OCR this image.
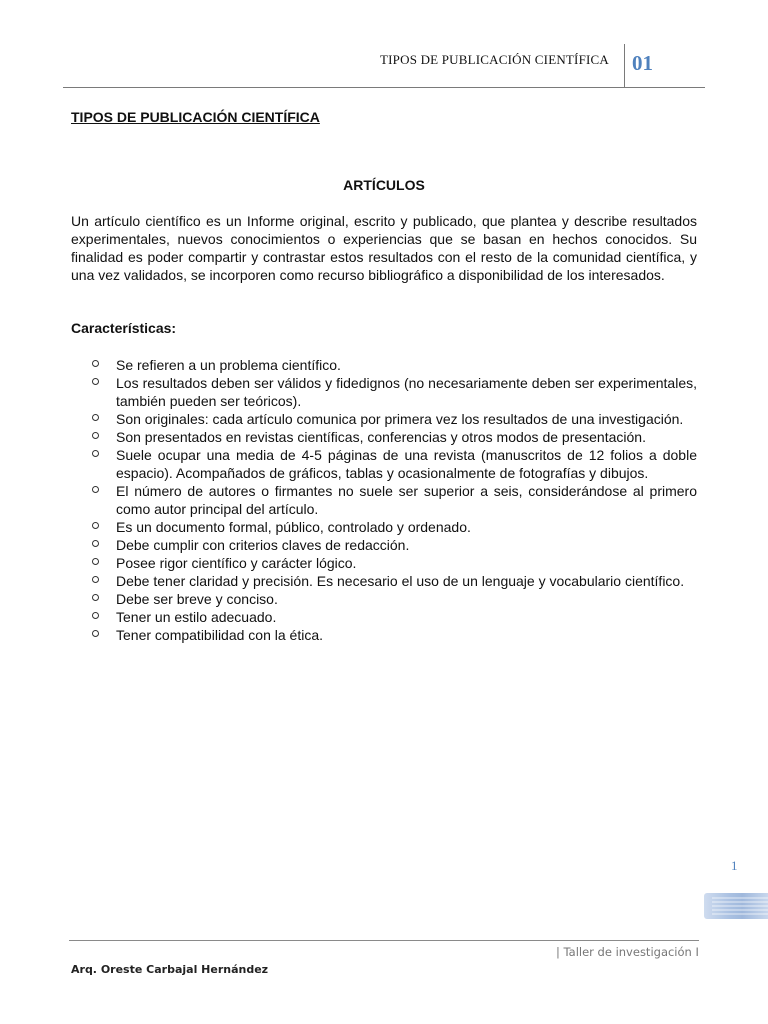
TIPOS DE PUBLICACIÓN CIENTÍFICA 01
TIPOS DE PUBLICACIÓN CIENTÍFICA
ARTÍCULOS

Un artículo científico es un Informe original, escrito y publicado, que plantea y describe resultados experimentales, nuevos conocimientos o experiencias que se basan en hechos conocidos. Su finalidad es poder compartir y contrastar estos resultados con el resto de la comunidad científica, y una vez validados, se incorporen como recurso bibliográfico a disponibilidad de los interesados.

Características:
Se refieren a un problema científico.
Los resultados deben ser válidos y fidedignos (no necesariamente deben ser experimentales, también pueden ser teóricos).
Son originales: cada artículo comunica por primera vez los resultados de una investigación.
Son presentados en revistas científicas, conferencias y otros modos de presentación.
Suele ocupar una media de 4-5 páginas de una revista (manuscritos de 12 folios a doble espacio). Acompañados de gráficos, tablas y ocasionalmente de fotografías y dibujos.
El número de autores o firmantes no suele ser superior a seis, considerándose al primero como autor principal del artículo.
Es un documento formal, público, controlado y ordenado.
Debe cumplir con criterios claves de redacción.
Posee rigor científico y carácter lógico.
Debe tener claridad y precisión. Es necesario el uso de un lenguaje y vocabulario científico.
Debe ser breve y conciso.
Tener un estilo adecuado.
Tener compatibilidad con la ética.
1
| Taller de investigación I
Arq. Oreste Carbajal Hernández
